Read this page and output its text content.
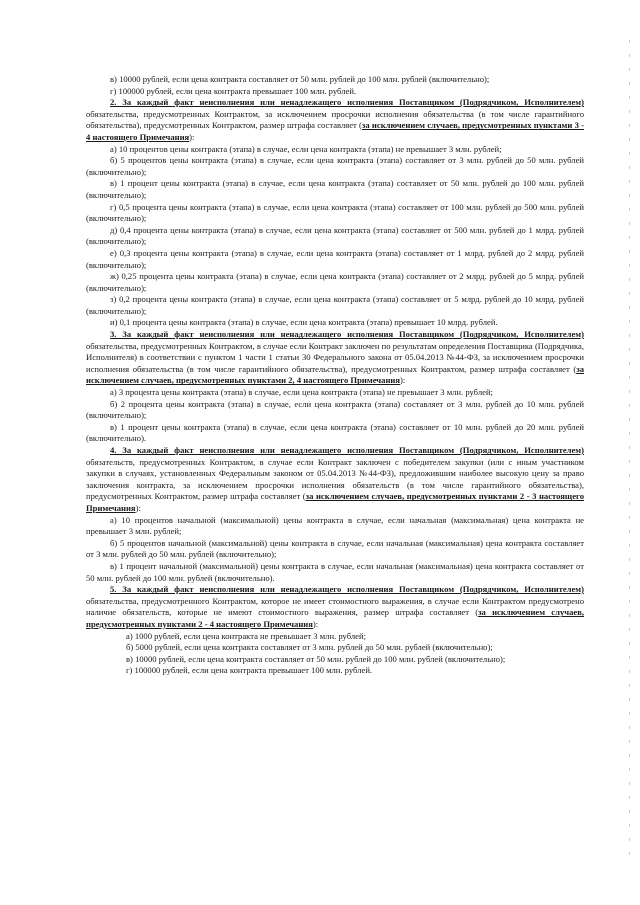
в) 10000 рублей, если цена контракта составляет от 50 млн. рублей до 100 млн. рублей (включительно);

г) 100000 рублей, если цена контракта превышает 100 млн. рублей.

2. За каждый факт неисполнения или ненадлежащего исполнения Поставщиком (Подрядчиком, Исполнителем) обязательства, предусмотренных Контрактом, за исключением просрочки исполнения обязательства (в том числе гарантийного обязательства), предусмотренных Контрактом, размер штрафа составляет (за исключением случаев, предусмотренных пунктами 3 - 4 настоящего Примечания):

а) 10 процентов цены контракта (этапа) в случае, если цена контракта (этапа) не превышает 3 млн. рублей;

б) 5 процентов цены контракта (этапа) в случае, если цена контракта (этапа) составляет от 3 млн. рублей до 50 млн. рублей (включительно);

в) 1 процент цены контракта (этапа) в случае, если цена контракта (этапа) составляет от 50 млн. рублей до 100 млн. рублей (включительно);

г) 0,5 процента цены контракта (этапа) в случае, если цена контракта (этапа) составляет от 100 млн. рублей до 500 млн. рублей (включительно);

д) 0,4 процента цены контракта (этапа) в случае, если цена контракта (этапа) составляет от 500 млн. рублей до 1 млрд. рублей (включительно);

е) 0,3 процента цены контракта (этапа) в случае, если цена контракта (этапа) составляет от 1 млрд. рублей до 2 млрд. рублей (включительно);

ж) 0,25 процента цены контракта (этапа) в случае, если цена контракта (этапа) составляет от 2 млрд. рублей до 5 млрд. рублей (включительно);

з) 0,2 процента цены контракта (этапа) в случае, если цена контракта (этапа) составляет от 5 млрд. рублей до 10 млрд. рублей (включительно);

и) 0,1 процента цены контракта (этапа) в случае, если цена контракта (этапа) превышает 10 млрд. рублей.

3. За каждый факт неисполнения или ненадлежащего исполнения Поставщиком (Подрядчиком, Исполнителем) обязательства, предусмотренных Контрактом, в случае если Контракт заключен по результатам определения Поставщика (Подрядчика, Исполнителя) в соответствии с пунктом 1 части 1 статьи 30 Федерального закона от 05.04.2013 №44-ФЗ, за исключением просрочки исполнения обязательства (в том числе гарантийного обязательства), предусмотренных Контрактом, размер штрафа составляет (за исключением случаев, предусмотренных пунктами 2, 4 настоящего Примечания):

а) 3 процента цены контракта (этапа) в случае, если цена контракта (этапа) не превышает 3 млн. рублей;

б) 2 процента цены контракта (этапа) в случае, если цена контракта (этапа) составляет от 3 млн. рублей до 10 млн. рублей (включительно);

в) 1 процент цены контракта (этапа) в случае, если цена контракта (этапа) составляет от 10 млн. рублей до 20 млн. рублей (включительно).

4. За каждый факт неисполнения или ненадлежащего исполнения Поставщиком (Подрядчиком, Исполнителем) обязательств, предусмотренных Контрактом, в случае если Контракт заключен с победителем закупки (или с иным участником закупки в случаях, установленных Федеральным законом от 05.04.2013 №44-ФЗ), предложившим наиболее высокую цену за право заключения контракта, за исключением просрочки исполнения обязательств (в том числе гарантийного обязательства), предусмотренных Контрактом, размер штрафа составляет (за исключением случаев, предусмотренных пунктами 2 - 3 настоящего Примечания):

а) 10 процентов начальной (максимальной) цены контракта в случае, если начальная (максимальная) цена контракта не превышает 3 млн. рублей;

б) 5 процентов начальной (максимальной) цены контракта в случае, если начальная (максимальная) цена контракта составляет от 3 млн. рублей до 50 млн. рублей (включительно);

в) 1 процент начальной (максимальной) цены контракта в случае, если начальная (максимальная) цена контракта составляет от 50 млн. рублей до 100 млн. рублей (включительно).

5. За каждый факт неисполнения или ненадлежащего исполнения Поставщиком (Подрядчиком, Исполнителем) обязательства, предусмотренного Контрактом, которое не имеет стоимостного выражения, в случае если Контрактом предусмотрено наличие обязательств, которые не имеют стоимостного выражения, размер штрафа составляет (за исключением случаев, предусмотренных пунктами 2 - 4 настоящего Примечания):

а) 1000 рублей, если цена контракта не превышает 3 млн. рублей;

б) 5000 рублей, если цена контракта составляет от 3 млн. рублей до 50 млн. рублей (включительно);

в) 10000 рублей, если цена контракта составляет от 50 млн. рублей до 100 млн. рублей (включительно);

г) 100000 рублей, если цена контракта превышает 100 млн. рублей.
